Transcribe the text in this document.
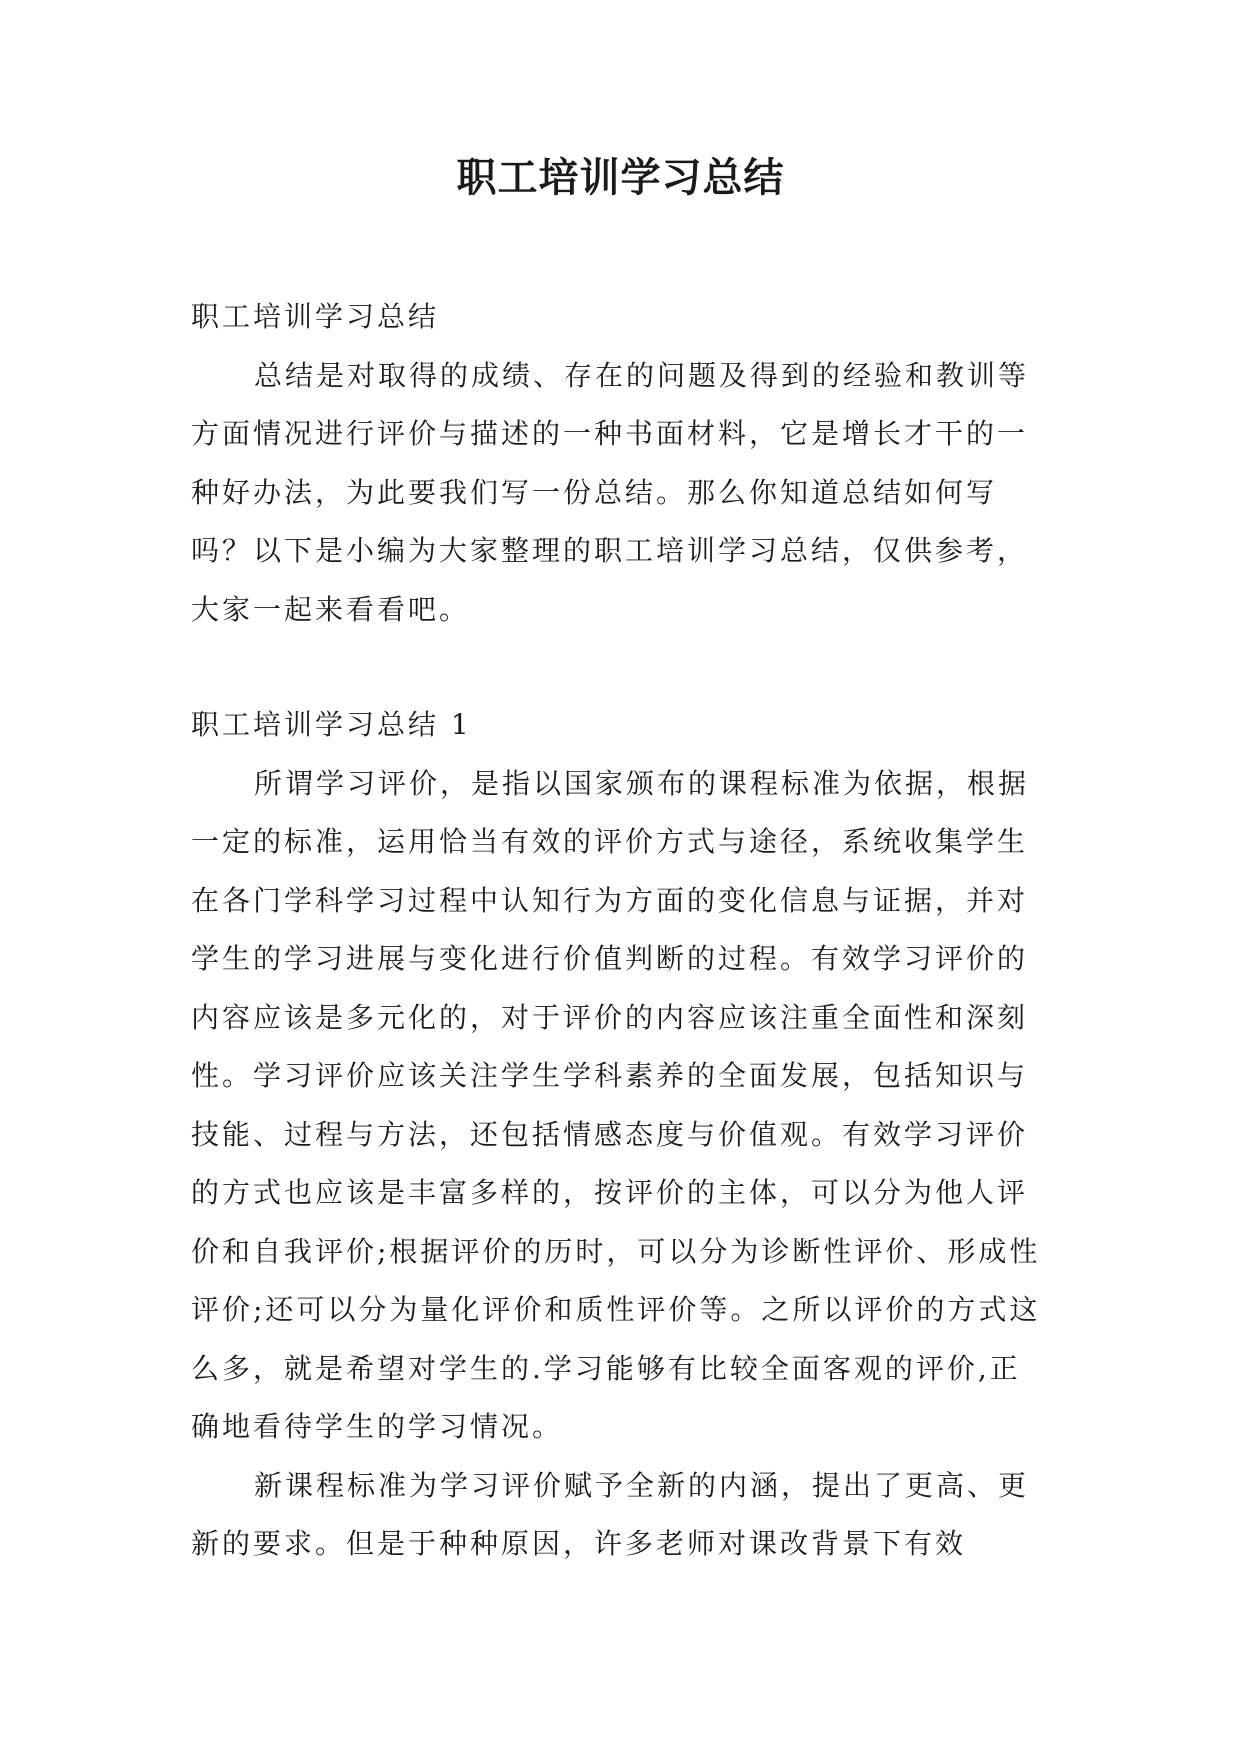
职工培训学习总结

职工培训学习总结

总结是对取得的成绩、存在的问题及得到的经验和教训等方面情况进行评价与描述的一种书面材料，它是增长才干的一种好办法，为此要我们写一份总结。那么你知道总结如何写吗？以下是小编为大家整理的职工培训学习总结，仅供参考，大家一起来看看吧。

职工培训学习总结 1

所谓学习评价，是指以国家颁布的课程标准为依据，根据一定的标准，运用恰当有效的评价方式与途径，系统收集学生在各门学科学习过程中认知行为方面的变化信息与证据，并对学生的学习进展与变化进行价值判断的过程。有效学习评价的内容应该是多元化的，对于评价的内容应该注重全面性和深刻性。学习评价应该关注学生学科素养的全面发展，包括知识与技能、过程与方法，还包括情感态度与价值观。有效学习评价的方式也应该是丰富多样的，按评价的主体，可以分为他人评价和自我评价;根据评价的历时，可以分为诊断性评价、形成性评价;还可以分为量化评价和质性评价等。之所以评价的方式这么多，就是希望对学生的.学习能够有比较全面客观的评价,正确地看待学生的学习情况。

新课程标准为学习评价赋予全新的内涵，提出了更高、更新的要求。但是于种种原因，许多老师对课改背景下有效
